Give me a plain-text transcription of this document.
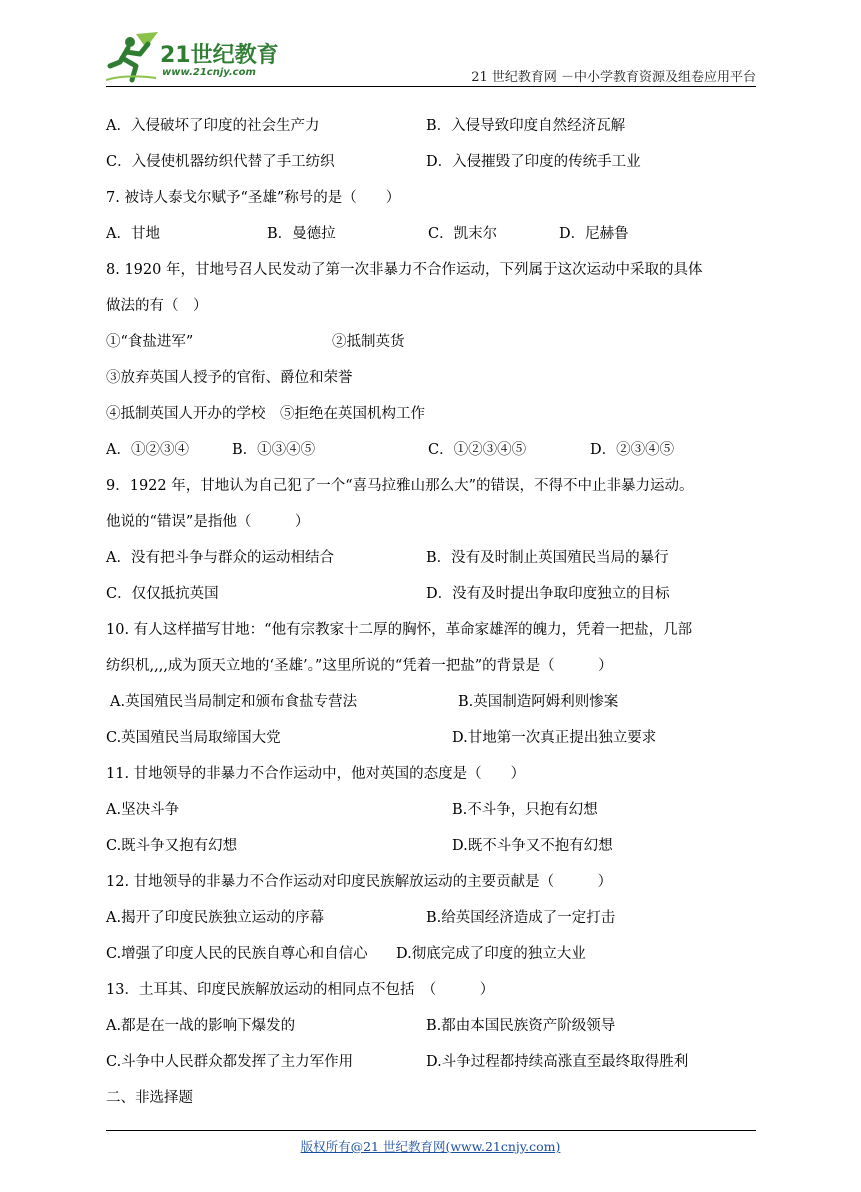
21世纪教育
www.21cnjy.com	21 世纪教育网 －中小学教育资源及组卷应用平台
A．入侵破坏了印度的社会生产力	B．入侵导致印度自然经济瓦解
C．入侵使机器纺织代替了手工纺织	D．入侵摧毁了印度的传统手工业
7. 被诗人泰戈尔赋予“圣雄”称号的是（　　）
A．甘地	B．曼德拉	C．凯末尔	D．尼赫鲁
8. 1920 年，甘地号召人民发动了第一次非暴力不合作运动，下列属于这次运动中采取的具体
做法的有（　）
①“食盐进军”	②抵制英货
③放弃英国人授予的官衔、爵位和荣誉
④抵制英国人开办的学校　⑤拒绝在英国机构工作
A．①②③④	B．①③④⑤	C．①②③④⑤	D．②③④⑤
9．1922 年，甘地认为自己犯了一个“喜马拉雅山那么大”的错误，不得不中止非暴力运动。
他说的“错误”是指他（　　　）
A．没有把斗争与群众的运动相结合	B．没有及时制止英国殖民当局的暴行
C．仅仅抵抗英国	D．没有及时提出争取印度独立的目标
10. 有人这样描写甘地：“他有宗教家十二厚的胸怀，革命家雄浑的魄力，凭着一把盐，几部
纺织机,,,,成为顶天立地的‘圣雄’。”这里所说的“凭着一把盐”的背景是（　　　）
A.英国殖民当局制定和颁布食盐专营法	B.英国制造阿姆利则惨案
C.英国殖民当局取缔国大党	D.甘地第一次真正提出独立要求
11. 甘地领导的非暴力不合作运动中，他对英国的态度是（　　）
A.坚决斗争	B.不斗争，只抱有幻想
C.既斗争又抱有幻想	D.既不斗争又不抱有幻想
12. 甘地领导的非暴力不合作运动对印度民族解放运动的主要贡献是（　　　）
A.揭开了印度民族独立运动的序幕	B.给英国经济造成了一定打击
C.增强了印度人民的民族自尊心和自信心 D.彻底完成了印度的独立大业
13．土耳其、印度民族解放运动的相同点不包括　（　　　）
A.都是在一战的影响下爆发的	B.都由本国民族资产阶级领导
C.斗争中人民群众都发挥了主力军作用	D.斗争过程都持续高涨直至最终取得胜利
二、非选择题
版权所有@21 世纪教育网(www.21cnjy.com)
